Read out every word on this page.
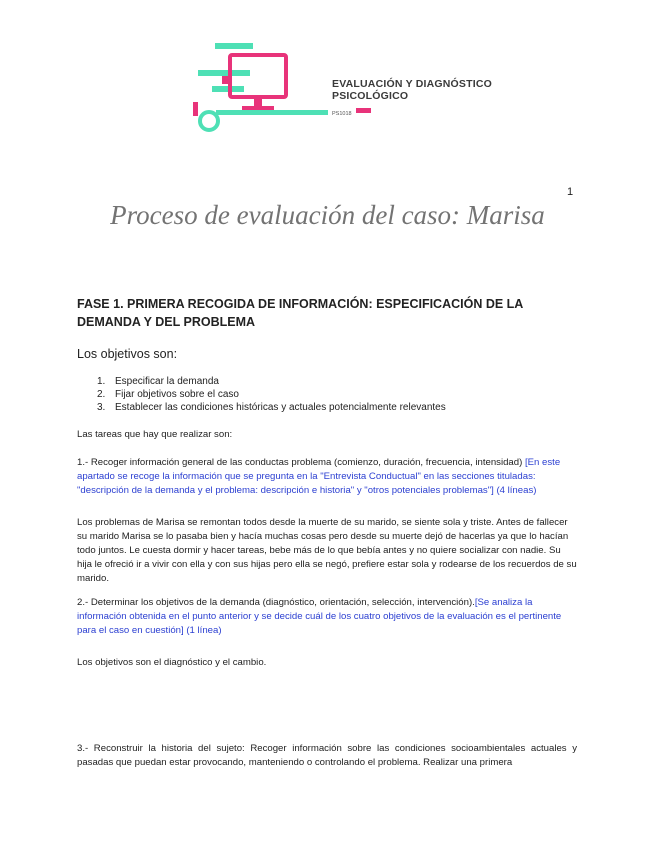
EVALUACIÓN Y DIAGNÓSTICO
PSICOLÓGICO
PS1018
1
Proceso de evaluación del caso: Marisa
FASE 1. PRIMERA RECOGIDA DE INFORMACIÓN: ESPECIFICACIÓN DE LA DEMANDA Y DEL PROBLEMA
Los objetivos son:
1. Especificar la demanda
2. Fijar objetivos sobre el caso
3. Establecer las condiciones históricas y actuales potencialmente relevantes
Las tareas que hay que realizar son:
1.- Recoger información general de las conductas problema (comienzo, duración, frecuencia, intensidad) [En este apartado se recoge la información que se pregunta en la "Entrevista Conductual" en las secciones tituladas: "descripción de la demanda y el problema: descripción e historia" y "otros potenciales problemas"] (4 líneas)
Los problemas de Marisa se remontan todos desde la muerte de su marido, se siente sola y triste. Antes de fallecer su marido Marisa se lo pasaba bien y hacía muchas cosas pero desde su muerte dejó de hacerlas ya que lo hacían todo juntos. Le cuesta dormir y hacer tareas, bebe más de lo que bebía antes y no quiere socializar con nadie. Su hija le ofreció ir a vivir con ella y con sus hijas pero ella se negó, prefiere estar sola y rodearse de los recuerdos de su marido.
2.- Determinar los objetivos de la demanda (diagnóstico, orientación, selección, intervención).[Se analiza la información obtenida en el punto anterior y se decide cuál de los cuatro objetivos de la evaluación es el pertinente para el caso en cuestión] (1 línea)
Los objetivos son el diagnóstico y el cambio.
3.- Reconstruir la historia del sujeto: Recoger información sobre las condiciones socioambientales actuales y pasadas que puedan estar provocando, manteniendo o controlando el problema. Realizar una primera
